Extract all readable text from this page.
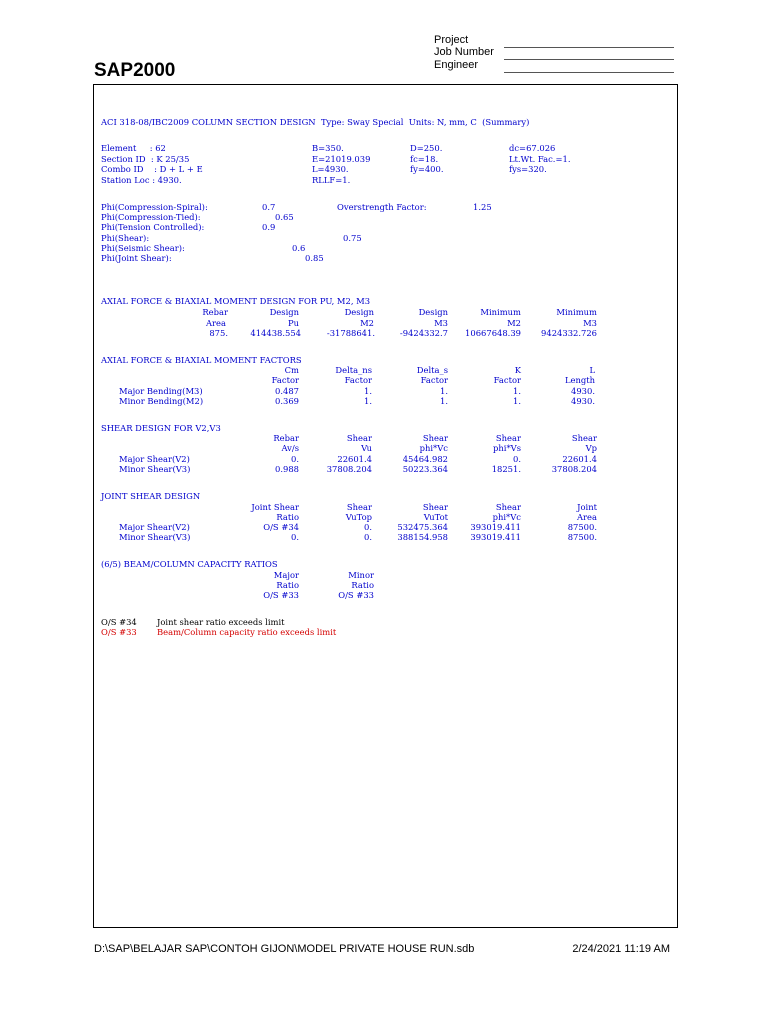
SAP2000
Project
Job Number
Engineer
ACI 318-08/IBC2009 COLUMN SECTION DESIGN  Type: Sway Special  Units: N, mm, C  (Summary)
Element     : 62	B=350.	D=250.	dc=67.026
Section ID  : K 25/35	E=21019.039	fc=18.	Lt.Wt. Fac.=1.
Combo ID    : D + L + E	L=4930.	fy=400.	fys=320.
Station Loc : 4930.	RLLF=1.
Phi(Compression-Spiral):	0.7	Overstrength Factor:	1.25
Phi(Compression-Tied):	0.65
Phi(Tension Controlled):	0.9
Phi(Shear):	0.75
Phi(Seismic Shear):	0.6
Phi(Joint Shear):	0.85
AXIAL FORCE & BIAXIAL MOMENT DESIGN FOR PU, M2, M3
Rebar	Design	Design	Design	Minimum	Minimum
Area	Pu	M2	M3	M2	M3
875.	414438.554	-31788641.	-9424332.7 10667648.39 9424332.726
AXIAL FORCE & BIAXIAL MOMENT FACTORS
Cm	Delta_ns	Delta_s	K	L
Factor	Factor	Factor	Factor	Length
Major Bending(M3)	0.487	1.	1.	1.	4930.
Minor Bending(M2)	0.369	1.	1.	1.	4930.
SHEAR DESIGN FOR V2,V3
Rebar	Shear	Shear	Shear	Shear
Av/s	Vu	phi*Vc	phi*Vs	Vp
Major Shear(V2)	0.	22601.4	45464.982	0.	22601.4
Minor Shear(V3)	0.988	37808.204	50223.364	18251.	37808.204
JOINT SHEAR DESIGN
Joint Shear	Shear	Shear	Shear	Joint
Ratio	VuTop	VuTot	phi*Vc	Area
Major Shear(V2)	O/S #34	0.	532475.364	393019.411	87500.
Minor Shear(V3)	0.	0.	388154.958	393019.411	87500.
(6/5) BEAM/COLUMN CAPACITY RATIOS
Major	Minor
Ratio	Ratio
O/S #33	O/S #33
O/S #34 Joint shear ratio exceeds limit
O/S #33 Beam/Column capacity ratio exceeds limit
D:\SAP\BELAJAR SAP\CONTOH GIJON\MODEL PRIVATE HOUSE RUN.sdb	2/24/2021 11:19 AM
